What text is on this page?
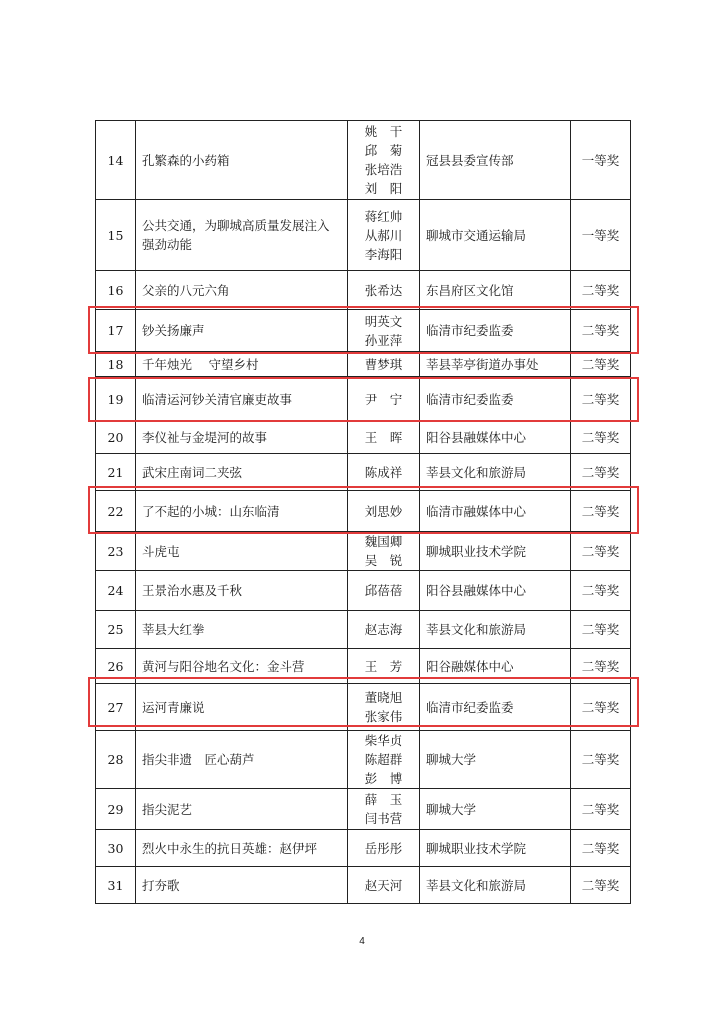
14	孔繁森的小药箱	姚　干
邱　菊
张培浩
刘　阳	冠县县委宣传部	一等奖
15	公共交通，为聊城高质量发展注入强劲动能	蒋红帅
从郝川
李海阳	聊城市交通运输局	一等奖
16	父亲的八元六角	张希达	东昌府区文化馆	二等奖
17	钞关扬廉声	明英文
孙亚萍	临清市纪委监委	二等奖
18	千年烛光　 守望乡村	曹梦琪	莘县莘亭街道办事处	二等奖
19	临清运河钞关清官廉吏故事	尹　宁	临清市纪委监委	二等奖
20	李仪祉与金堤河的故事	王　晖	阳谷县融媒体中心	二等奖
21	武宋庄南词二夹弦	陈成祥	莘县文化和旅游局	二等奖
22	了不起的小城：山东临清	刘思妙	临清市融媒体中心	二等奖
23	斗虎屯	魏国卿
吴　锐	聊城职业技术学院	二等奖
24	王景治水惠及千秋	邱蓓蓓	阳谷县融媒体中心	二等奖
25	莘县大红拳	赵志海	莘县文化和旅游局	二等奖
26	黄河与阳谷地名文化：金斗营	王　芳	阳谷融媒体中心	二等奖
27	运河青廉说	董晓旭
张家伟	临清市纪委监委	二等奖
28	指尖非遗　匠心葫芦	柴华贞
陈超群
彭　博	聊城大学	二等奖
29	指尖泥艺	薛　玉
闫书营	聊城大学	二等奖
30	烈火中永生的抗日英雄：赵伊坪	岳彤彤	聊城职业技术学院	二等奖
31	打夯歌	赵天河	莘县文化和旅游局	二等奖
4
